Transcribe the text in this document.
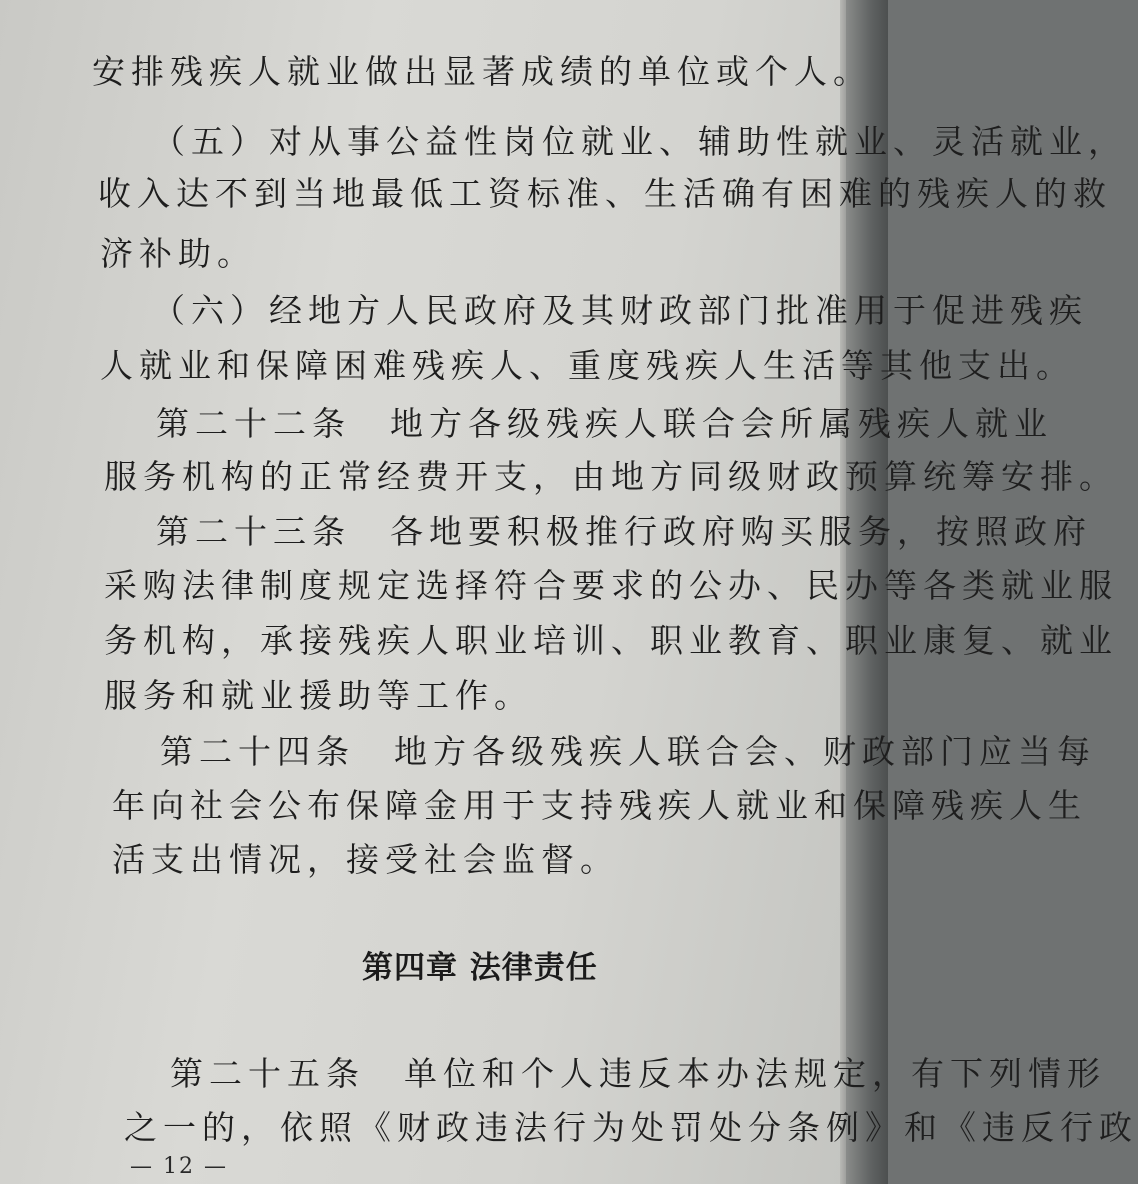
安排残疾人就业做出显著成绩的单位或个人。
（五）对从事公益性岗位就业、辅助性就业、灵活就业，
收入达不到当地最低工资标准、生活确有困难的残疾人的救
济补助。
（六）经地方人民政府及其财政部门批准用于促进残疾
人就业和保障困难残疾人、重度残疾人生活等其他支出。
第二十二条　地方各级残疾人联合会所属残疾人就业
服务机构的正常经费开支，由地方同级财政预算统筹安排。
第二十三条　各地要积极推行政府购买服务，按照政府
采购法律制度规定选择符合要求的公办、民办等各类就业服
务机构，承接残疾人职业培训、职业教育、职业康复、就业
服务和就业援助等工作。
第二十四条　地方各级残疾人联合会、财政部门应当每
年向社会公布保障金用于支持残疾人就业和保障残疾人生
活支出情况，接受社会监督。
第四章 法律责任
第二十五条　单位和个人违反本办法规定，有下列情形
之一的，依照《财政违法行为处罚处分条例》和《违反行政
— 12 —
